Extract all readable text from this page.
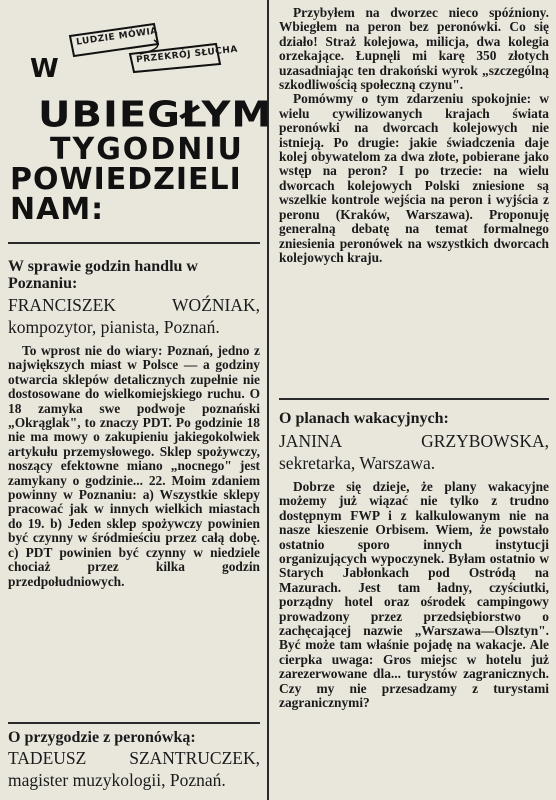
LUDZIE MÓWIĄ
PRZEKRÓJ SŁUCHA
W
UBIEGŁYM
TYGODNIU
POWIEDZIELI
NAM:

W sprawie godzin handlu w Poznaniu:

FRANCISZEK WOŹNIAK, kompozytor, pianista, Poznań.

To wprost nie do wiary: Poznań, jedno z największych miast w Polsce — a godziny otwarcia sklepów detalicznych zupełnie nie dostosowane do wielkomiejskiego ruchu. O 18 zamyka swe podwoje poznański „Okrąglak", to znaczy PDT. Po godzinie 18 nie ma mowy o zakupieniu jakiegokolwiek artykułu przemysłowego. Sklep spożywczy, noszący efektowne miano „nocnego" jest zamykany o godzinie... 22. Moim zdaniem powinny w Poznaniu: a) Wszystkie sklepy pracować jak w innych wielkich miastach do 19. b) Jeden sklep spożywczy powinien być czynny w śródmieściu przez całą dobę. c) PDT powinien być czynny w niedziele chociaż przez kilka godzin przedpołudniowych.

O przygodzie z peronówką:

TADEUSZ SZANTRUCZEK, magister muzykologii, Poznań.

Przybyłem na dworzec nieco spóźniony. Wbiegłem na peron bez peronówki. Co się działo! Straż kolejowa, milicja, dwa kolegia orzekające. Łupnęli mi karę 350 złotych uzasadniając ten drakoński wyrok „szczególną szkodliwością społeczną czynu".

Pomówmy o tym zdarzeniu spokojnie: w wielu cywilizowanych krajach świata peronówki na dworcach kolejowych nie istnieją. Po drugie: jakie świadczenia daje kolej obywatelom za dwa złote, pobierane jako wstęp na peron? I po trzecie: na wielu dworcach kolejowych Polski zniesione są wszelkie kontrole wejścia na peron i wyjścia z peronu (Kraków, Warszawa). Proponuję generalną debatę na temat formalnego zniesienia peronówek na wszystkich dworcach kolejowych kraju.

O planach wakacyjnych:

JANINA GRZYBOWSKA, sekretarka, Warszawa.

Dobrze się dzieje, że plany wakacyjne możemy już wiązać nie tylko z trudno dostępnym FWP i z kalkulowanym nie na nasze kieszenie Orbisem. Wiem, że powstało ostatnio sporo innych instytucji organizujących wypoczynek. Byłam ostatnio w Starych Jabłonkach pod Ostródą na Mazurach. Jest tam ładny, czyściutki, porządny hotel oraz ośrodek campingowy prowadzony przez przedsiębiorstwo o zachęcającej nazwie „Warszawa—Olsztyn". Być może tam właśnie pojadę na wakacje. Ale cierpka uwaga: Gros miejsc w hotelu już zarezerwowane dla... turystów zagranicznych. Czy my nie przesadzamy z turystami zagranicznymi?
